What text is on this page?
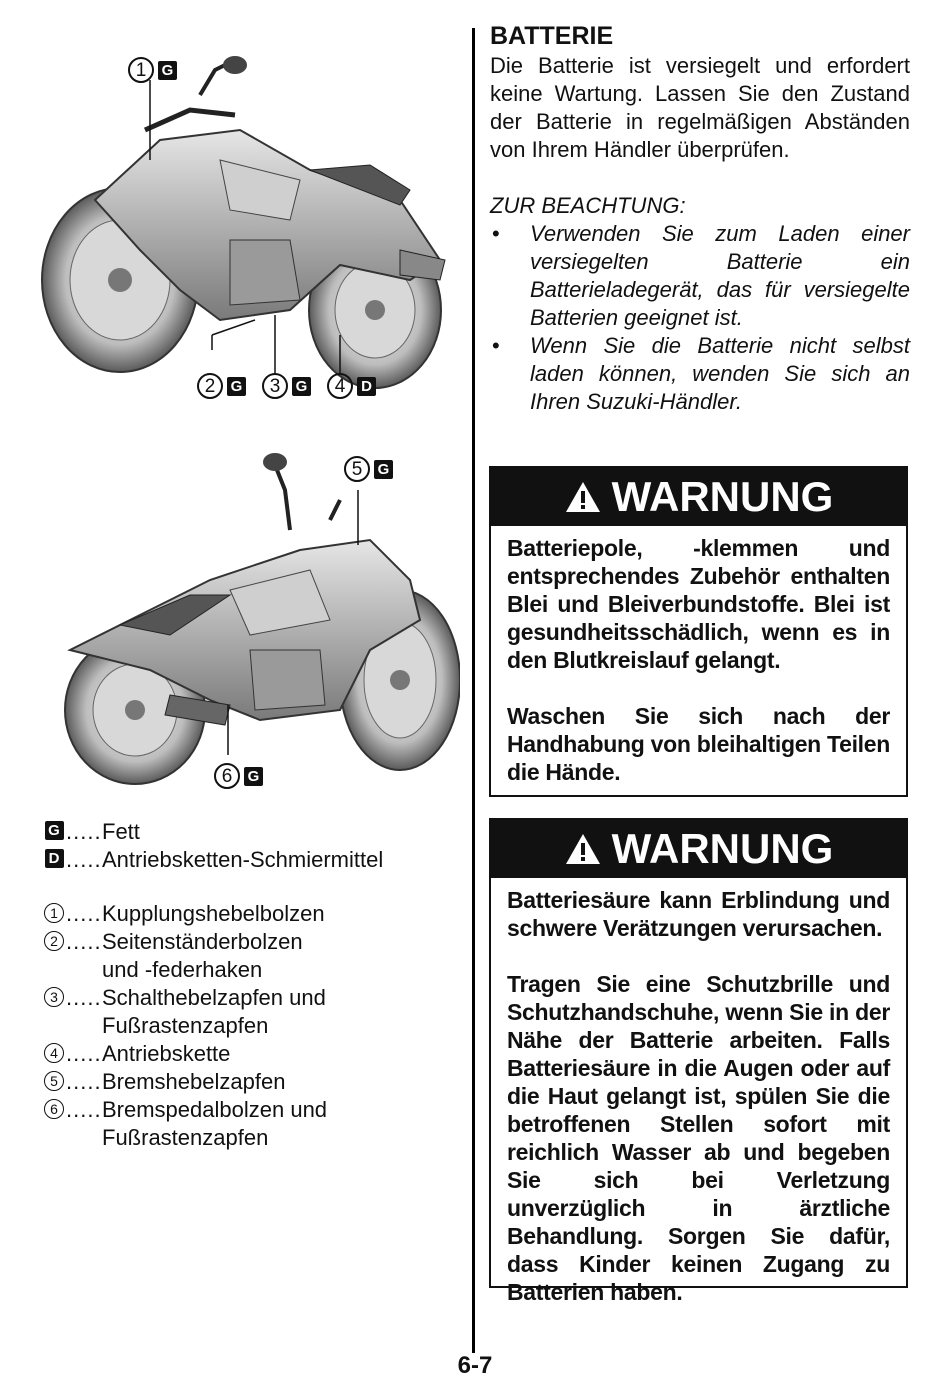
1	G
2	G	3	G	4	D
5	G
6	G
G ..... Fett
D ..... Antriebsketten-Schmiermittel
1 ..... Kupplungshebelbolzen
2 ..... Seitenständerbolzen
und -federhaken
3 ..... Schalthebelzapfen und
Fußrastenzapfen
4 ..... Antriebskette
5 ..... Bremshebelzapfen
6 ..... Bremspedalbolzen und
Fußrastenzapfen
BATTERIE

Die Batterie ist versiegelt und erfordert keine Wartung. Lassen Sie den Zustand der Batterie in regelmäßigen Abständen von Ihrem Händler überprüfen.

ZUR BEACHTUNG:
• Verwenden Sie zum Laden einer versiegelten Batterie ein Batterieladegerät, das für versiegelte Batterien geeignet ist.
• Wenn Sie die Batterie nicht selbst laden können, wenden Sie sich an Ihren Suzuki-Händler.
WARNUNG

Batteriepole, -klemmen und entsprechendes Zubehör enthalten Blei und Bleiverbundstoffe. Blei ist gesundheitsschädlich, wenn es in den Blutkreislauf gelangt.

Waschen Sie sich nach der Handhabung von bleihaltigen Teilen die Hände.

WARNUNG

Batteriesäure kann Erblindung und schwere Verätzungen verursachen.

Tragen Sie eine Schutzbrille und Schutzhandschuhe, wenn Sie in der Nähe der Batterie arbeiten. Falls Batteriesäure in die Augen oder auf die Haut gelangt ist, spülen Sie die betroffenen Stellen sofort mit reichlich Wasser ab und begeben Sie sich bei Verletzung unverzüglich in ärztliche Behandlung. Sorgen Sie dafür, dass Kinder keinen Zugang zu Batterien haben.

6-7
